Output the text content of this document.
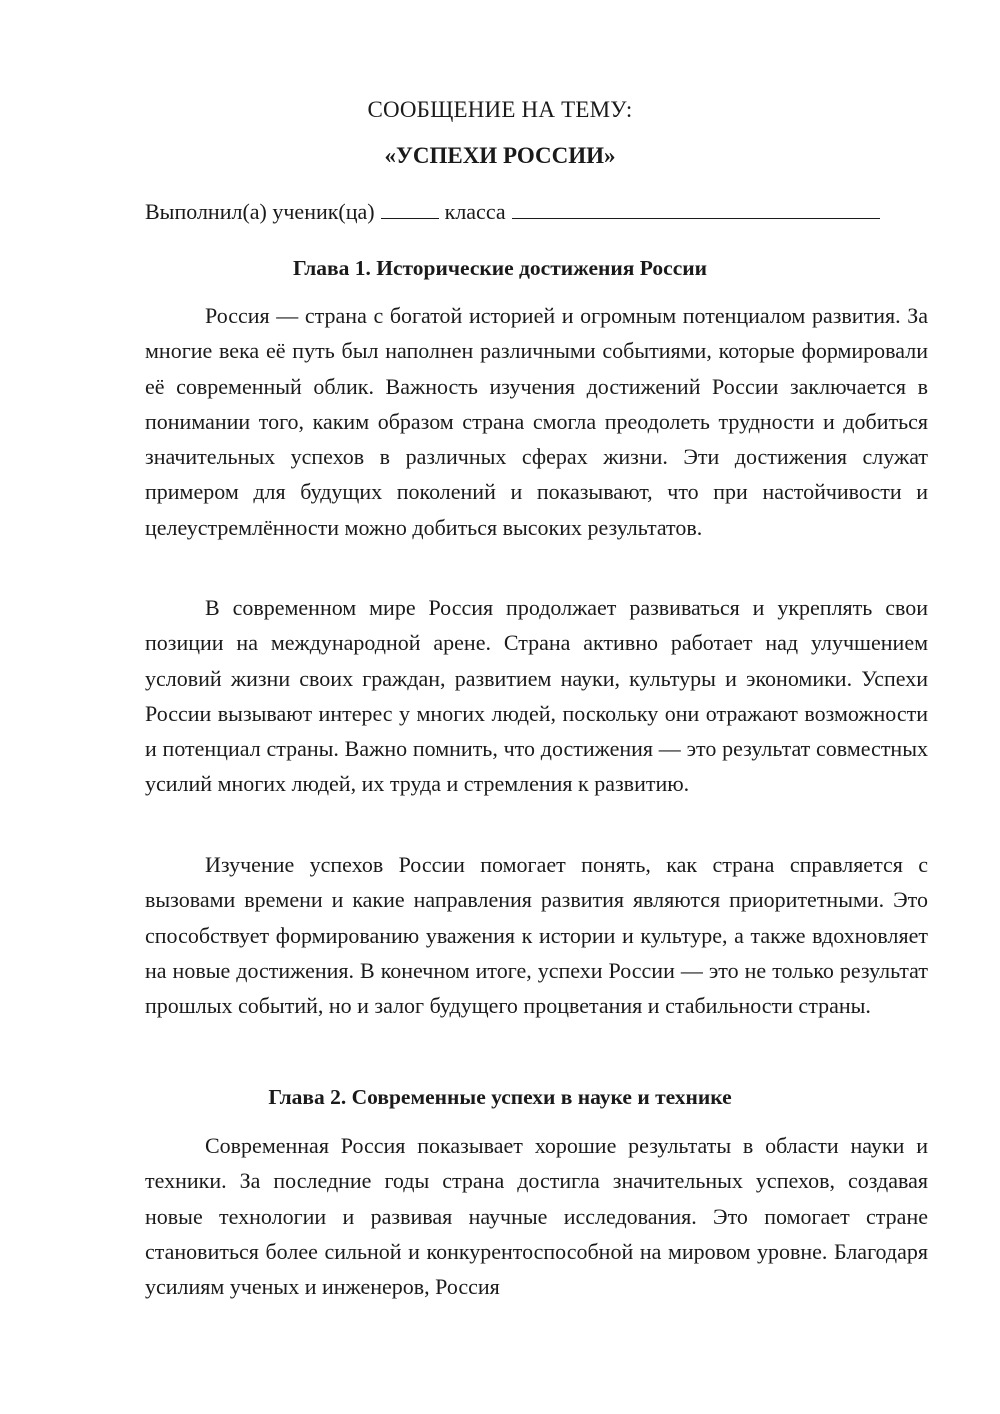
СООБЩЕНИЕ НА ТЕМУ:

«УСПЕХИ РОССИИ»

Выполнил(а) ученик(ца)	класса

Глава 1. Исторические достижения России

Россия — страна с богатой историей и огромным потенциалом развития. За многие века её путь был наполнен различными событиями, которые формировали её современный облик. Важность изучения достижений России заключается в понимании того, каким образом страна смогла преодолеть трудности и добиться значительных успехов в различных сферах жизни. Эти достижения служат примером для будущих поколений и показывают, что при настойчивости и целеустремлённости можно добиться высоких результатов.

В современном мире Россия продолжает развиваться и укреплять свои позиции на международной арене. Страна активно работает над улучшением условий жизни своих граждан, развитием науки, культуры и экономики. Успехи России вызывают интерес у многих людей, поскольку они отражают возможности и потенциал страны. Важно помнить, что достижения — это результат совместных усилий многих людей, их труда и стремления к развитию.

Изучение успехов России помогает понять, как страна справляется с вызовами времени и какие направления развития являются приоритетными. Это способствует формированию уважения к истории и культуре, а также вдохновляет на новые достижения. В конечном итоге, успехи России — это не только результат прошлых событий, но и залог будущего процветания и стабильности страны.

Глава 2. Современные успехи в науке и технике

Современная Россия показывает хорошие результаты в области науки и техники. За последние годы страна достигла значительных успехов, создавая новые технологии и развивая научные исследования. Это помогает стране становиться более сильной и конкурентоспособной на мировом уровне. Благодаря усилиям ученых и инженеров, Россия
